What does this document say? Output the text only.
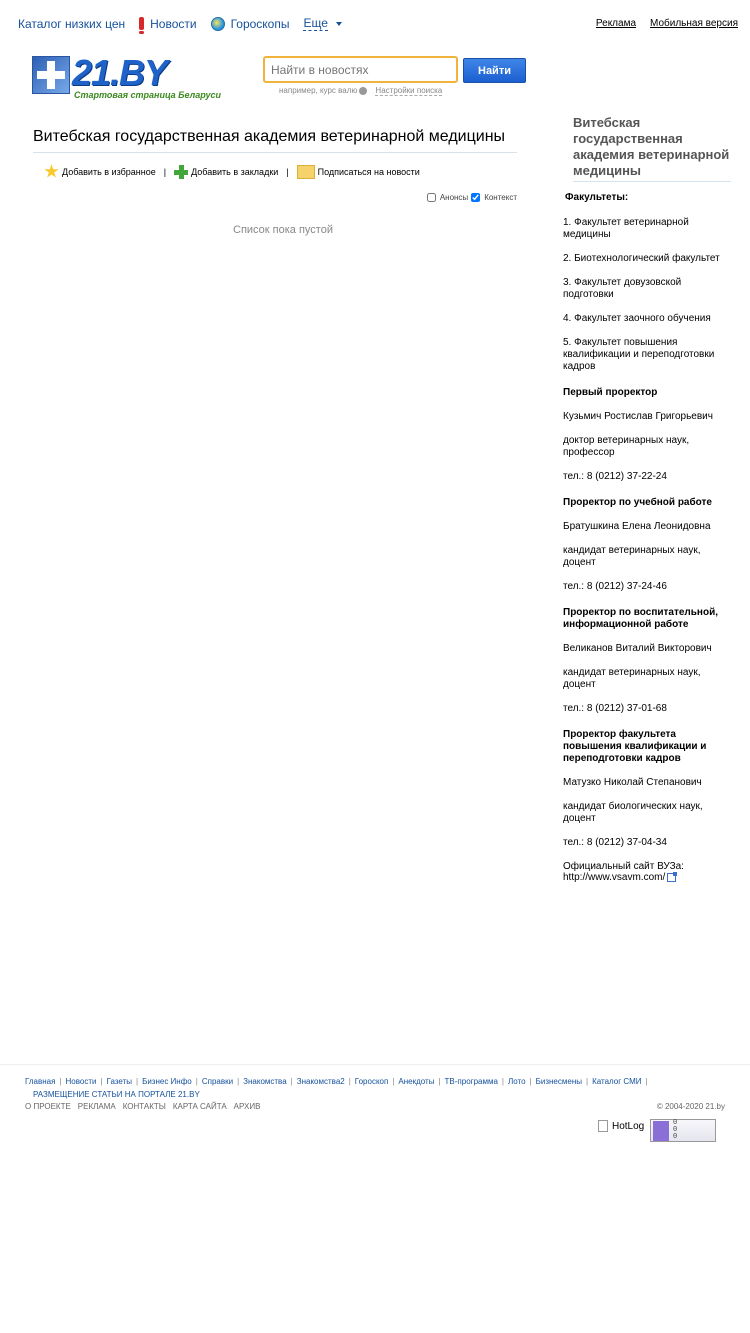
Каталог низких цен Новости	Гороскопы Еще	Реклама Мобильная версия
21.BY
Стартовая страница Беларуси
Найти в новостях
Найти
например, курс валю Настройки поиска
Витебская государственная академия ветеринарной медицины
Добавить в избранное |	Добавить в закладки |	Подписаться на новости
Анонсы Контекст
Список пока пустой
Витебская государственная академия ветеринарной медицины
Факультеты:
1. Факультет ветеринарной медицины
2. Биотехнологический факультет
3. Факультет довузовской подготовки
4. Факультет заочного обучения
5. Факультет повышения квалификации и переподготовки кадров
Первый проректор
Кузьмич Ростислав Григорьевич
доктор ветеринарных наук, профессор
тел.: 8 (0212) 37-22-24
Проректор по учебной работе
Братушкина Елена Леонидовна
кандидат ветеринарных наук, доцент
тел.: 8 (0212) 37-24-46
Проректор по воспитательной, информационной работе
Великанов Виталий Викторович
кандидат ветеринарных наук, доцент
тел.: 8 (0212) 37-01-68
Проректор факультета повышения квалификации и переподготовки кадров
Матузко Николай Степанович
кандидат биологических наук, доцент
тел.: 8 (0212) 37-04-34
Официальный сайт ВУЗа:
http://www.vsavm.com/
Главная | Новости | Газеты | Бизнес Инфо | Справки | Знакомства | Знакомства2 | Гороскоп | Анекдоты | ТВ-программа | Лото | Бизнесмены | Каталог СМИ |
РАЗМЕЩЕНИЕ СТАТЬИ НА ПОРТАЛЕ 21.BY
О ПРОЕКТЕ РЕКЛАМА КОНТАКТЫ КАРТА САЙТА АРХИВ	© 2004-2020 21.by
HotLog	0
0
0
